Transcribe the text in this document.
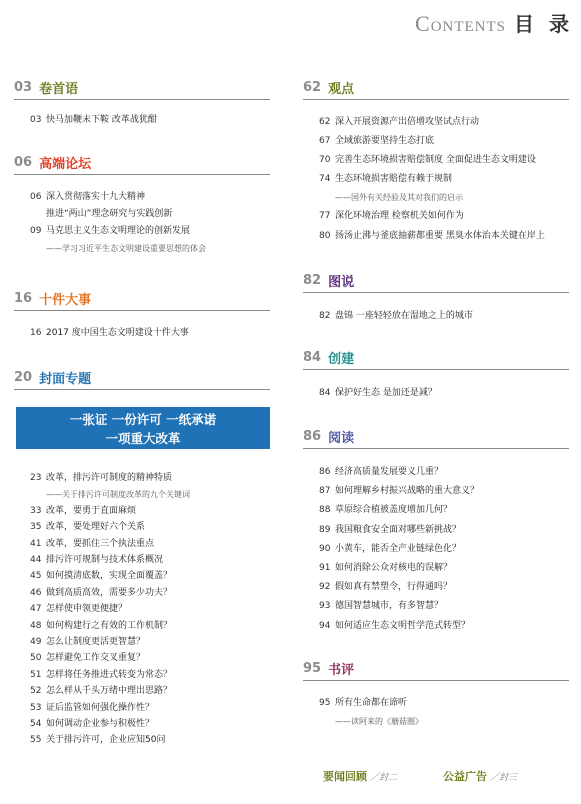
Contents 目 录
03 卷首语
03 快马加鞭未下鞍 改革战犹酣
06 高端论坛
06 深入贯彻落实十九大精神
推进“两山”理念研究与实践创新
09 马克思主义生态文明理论的创新发展
——学习习近平生态文明建设重要思想的体会
16 十件大事
16 2017 度中国生态文明建设十件大事
20 封面专题
一张证 一份许可 一纸承诺
一项重大改革
23 改革，排污许可制度的精神特质
——关于排污许可制度改革的九个关键词
33 改革，要勇于直面麻烦
35 改革，要处理好六个关系
41 改革，要抓住三个执法重点
44 排污许可规制与技术体系概况
45 如何摸清底数，实现全面覆盖？
46 做到高质高效，需要多少功夫？
47 怎样使申领更便捷？
48 如何构建行之有效的工作机制？
49 怎么让制度更活更智慧？
50 怎样避免工作交叉重复？
51 怎样将任务推进式转变为常态？
52 怎么样从千头万绪中理出思路？
53 证后监管如何强化操作性？
54 如何调动企业参与积极性？
55 关于排污许可，企业应知50问
62 观点
62 深入开展资源产出倍增攻坚试点行动
67 全域旅游要坚持生态打底
70 完善生态环境损害赔偿制度 全面促进生态文明建设
74 生态环境损害赔偿有赖于规制
——国外有关经验及其对我们的启示
77 深化环境治理 检察机关如何作为
80 扬汤止沸与釜底抽薪都重要 黑臭水体治本关键在岸上
82 图说
82 盘锦 一座轻轻放在湿地之上的城市
84 创建
84 保护好生态 是加还是减？
86 阅读
86 经济高质量发展要义几重？
87 如何理解乡村振兴战略的重大意义？
88 草原综合植被盖度增加几何？
89 我国粮食安全面对哪些新挑战？
90 小黄车，能否全产业链绿色化？
91 如何消除公众对核电的误解？
92 假如真有禁塑令，行得通吗？
93 德国智慧城市，有多智慧？
94 如何适应生态文明哲学范式转型？
95 书评
95 所有生命都在谛听
——读阿来的《蘑菇圈》
要闻回顾 ／封二	公益广告 ／封三
